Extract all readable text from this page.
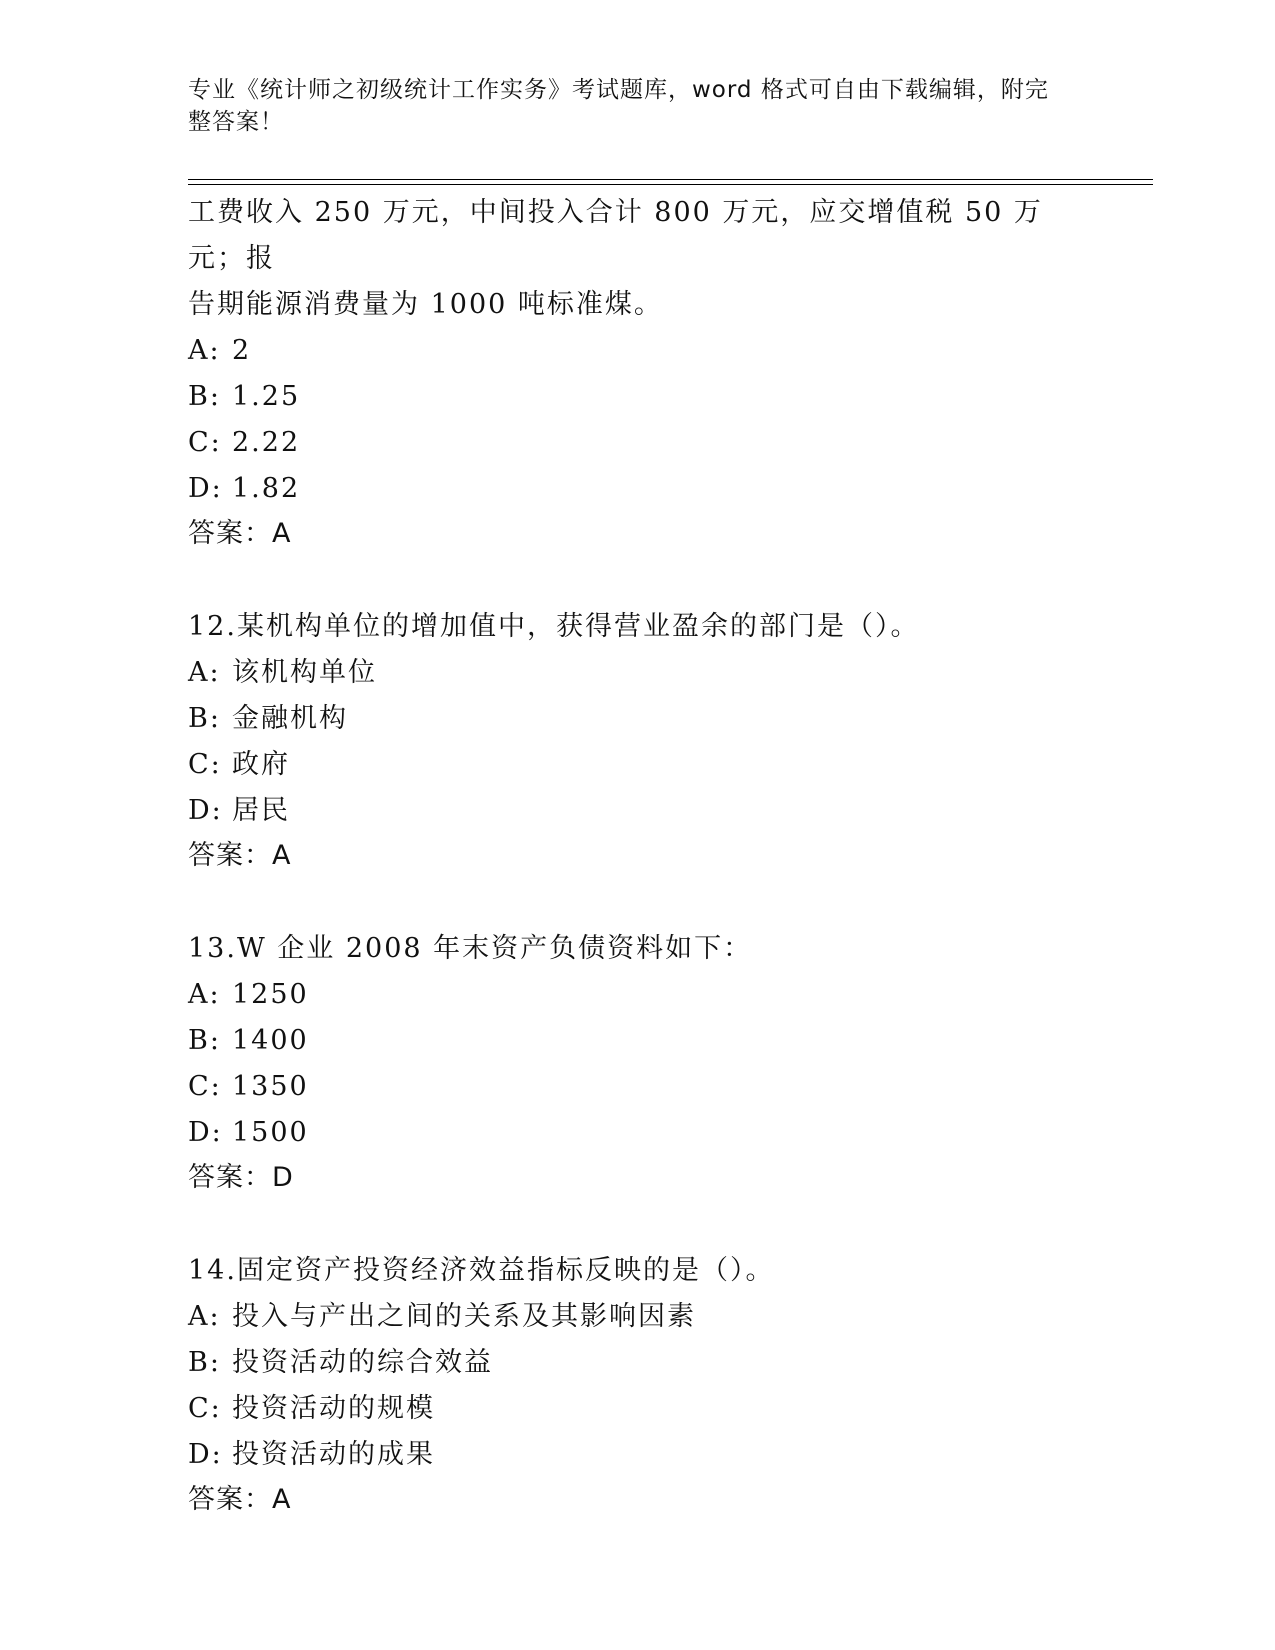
专业《统计师之初级统计工作实务》考试题库，word 格式可自由下载编辑，附完
整答案！
工费收入 250 万元，中间投入合计 800 万元，应交增值税 50 万元；报
告期能源消费量为 1000 吨标准煤。
A: 2
B: 1.25
C: 2.22
D: 1.82
答案：A
12.某机构单位的增加值中，获得营业盈余的部门是（）。
A: 该机构单位
B: 金融机构
C: 政府
D: 居民
答案：A
13.W 企业 2008 年末资产负债资料如下：
A: 1250
B: 1400
C: 1350
D: 1500
答案：D
14.固定资产投资经济效益指标反映的是（）。
A: 投入与产出之间的关系及其影响因素
B: 投资活动的综合效益
C: 投资活动的规模
D: 投资活动的成果
答案：A
